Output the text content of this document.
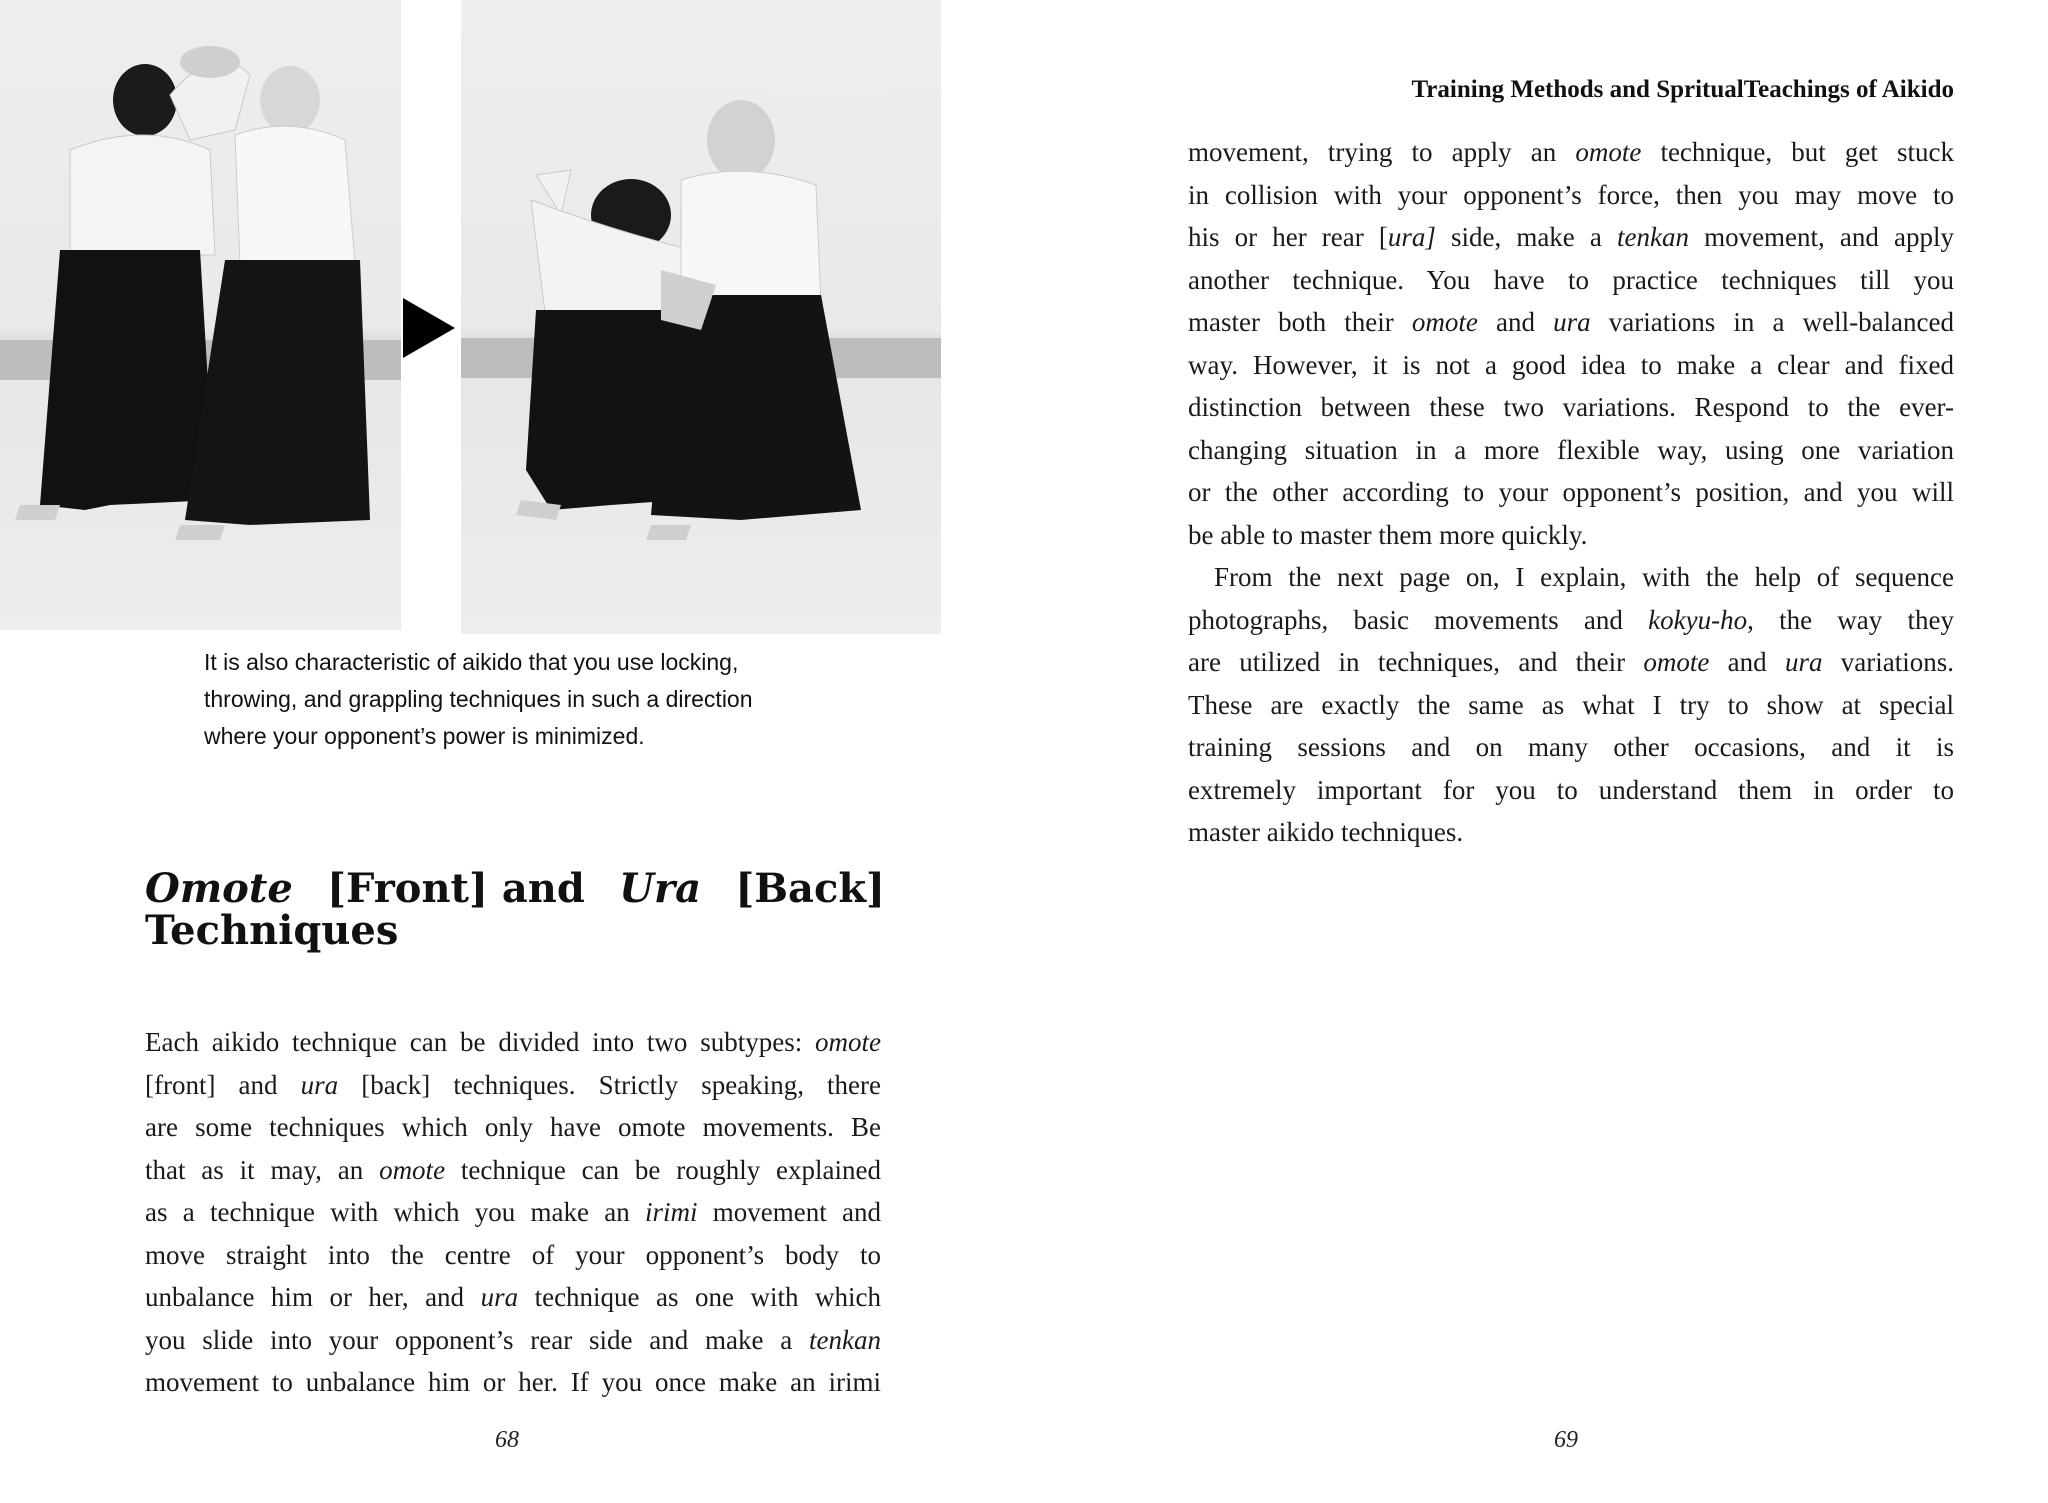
It is also characteristic of aikido that you use locking,

throwing, and grappling techniques in such a direction

where your opponent’s power is minimized.

Omote [Front] and Ura [Back]
Techniques
Each aikido technique can be divided into two subtypes: omote
[front] and ura [back] techniques. Strictly speaking, there
are some techniques which only have omote movements. Be
that as it may, an omote technique can be roughly explained
as a technique with which you make an irimi movement and
move straight into the centre of your opponent’s body to
unbalance him or her, and ura technique as one with which
you slide into your opponent’s rear side and make a tenkan
movement to unbalance him or her. If you once make an irimi
68
Training Methods and SpritualTeachings of Aikido
movement, trying to apply an omote technique, but get stuck
in collision with your opponent’s force, then you may move to
his or her rear [ura] side, make a tenkan movement, and apply
another technique. You have to practice techniques till you
master both their omote and ura variations in a well-balanced
way. However, it is not a good idea to make a clear and fixed
distinction between these two variations. Respond to the ever-
changing situation in a more flexible way, using one variation
or the other according to your opponent’s position, and you will
be able to master them more quickly.
From the next page on, I explain, with the help of sequence
photographs, basic movements and kokyu-ho, the way they
are utilized in techniques, and their omote and ura variations.
These are exactly the same as what I try to show at special
training sessions and on many other occasions, and it is
extremely important for you to understand them in order to
master aikido techniques.
69
